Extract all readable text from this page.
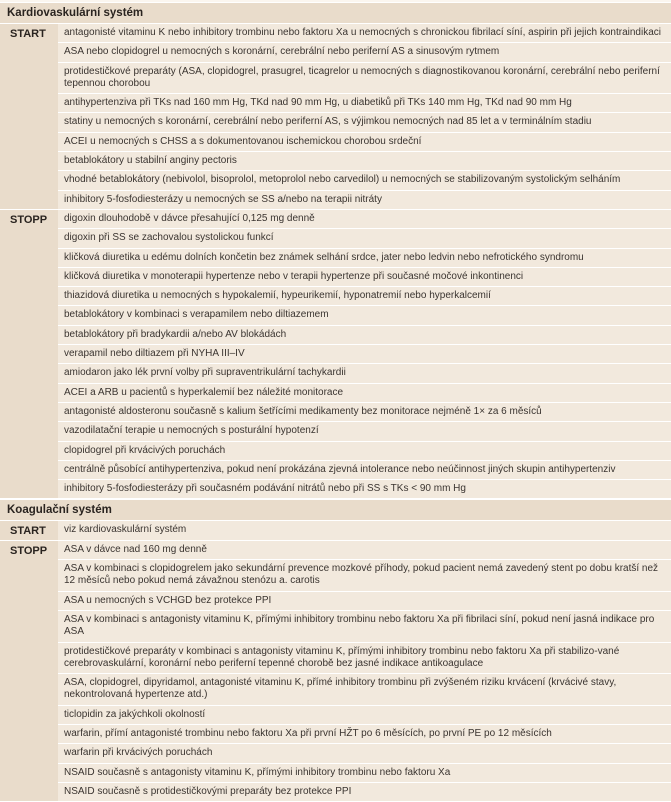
Kardiovaskulární systém
START	antagonisté vitaminu K nebo inhibitory trombinu nebo faktoru Xa u nemocných s chronickou fibrilací síní, aspirin při jejich kontraindikaci
ASA nebo clopidogrel u nemocných s koronární, cerebrální nebo periferní AS a sinusovým rytmem
protidestičkové preparáty (ASA, clopidogrel, prasugrel, ticagrelor u nemocných s diagnostikovanou koronární, cerebrální nebo periferní tepennou chorobou
antihypertenziva při TKs nad 160 mm Hg, TKd nad 90 mm Hg, u diabetiků při TKs 140 mm Hg, TKd nad 90 mm Hg
statiny u nemocných s koronární, cerebrální nebo periferní AS, s výjimkou nemocných nad 85 let a v terminálním stadiu
ACEI u nemocných s CHSS a s dokumentovanou ischemickou chorobou srdeční
betablokátory u stabilní anginy pectoris
vhodné betablokátory (nebivolol, bisoprolol, metoprolol nebo carvedilol) u nemocných se stabilizovaným systolickým selháním
inhibitory 5-fosfodiesterázy u nemocných se SS a/nebo na terapii nitráty
STOPP	digoxin dlouhodobě v dávce přesahující 0,125 mg denně
digoxin při SS se zachovalou systolickou funkcí
kličková diuretika u edému dolních končetin bez známek selhání srdce, jater nebo ledvin nebo nefrotického syndromu
kličková diuretika v monoterapii hypertenze nebo v terapii hypertenze při současné močové inkontinenci
thiazidová diuretika u nemocných s hypokalemií, hypeurikemií, hyponatremií nebo hyperkalcemií
betablokátory v kombinaci s verapamilem nebo diltiazemem
betablokátory při bradykardii a/nebo AV blokádách
verapamil nebo diltiazem při NYHA III–IV
amiodaron jako lék první volby při supraventrikulární tachykardii
ACEI a ARB u pacientů s hyperkalemií bez náležité monitorace
antagonisté aldosteronu současně s kalium šetřícími medikamenty bez monitorace nejméně 1× za 6 měsíců
vazodilatační terapie u nemocných s posturální hypotenzí
clopidogrel při krvácivých poruchách
centrálně působící antihypertenziva, pokud není prokázána zjevná intolerance nebo neúčinnost jiných skupin antihypertenziv
inhibitory 5-fosfodiesterázy při současném podávání nitrátů nebo při SS s TKs < 90 mm Hg
Koagulační systém
START	viz kardiovaskulární systém
STOPP	ASA v dávce nad 160 mg denně
ASA v kombinaci s clopidogrelem jako sekundární prevence mozkové příhody, pokud pacient nemá zavedený stent po dobu kratší než 12 měsíců nebo pokud nemá závažnou stenózu a. carotis
ASA u nemocných s VCHGD bez protekce PPI
ASA v kombinaci s antagonisty vitaminu K, přímými inhibitory trombinu nebo faktoru Xa při fibrilaci síní, pokud není jasná indikace pro ASA
protidestičkové preparáty v kombinaci s antagonisty vitaminu K, přímými inhibitory trombinu nebo faktoru Xa při stabilizo-vané cerebrovaskulární, koronární nebo periferní tepenné chorobě bez jasné indikace antikoagulace
ASA, clopidogrel, dipyridamol, antagonisté vitaminu K, přímé inhibitory trombinu při zvýšeném riziku krvácení (krvácivé stavy, nekontrolovaná hypertenze atd.)
ticlopidin za jakýchkoli okolností
warfarin, přímí antagonisté trombinu nebo faktoru Xa při první HŽT po 6 měsících, po první PE po 12 měsících
warfarin při krvácivých poruchách
NSAID současně s antagonisty vitaminu K, přímými inhibitory trombinu nebo faktoru Xa
NSAID současně s protidestičkovými preparáty bez protekce PPI
